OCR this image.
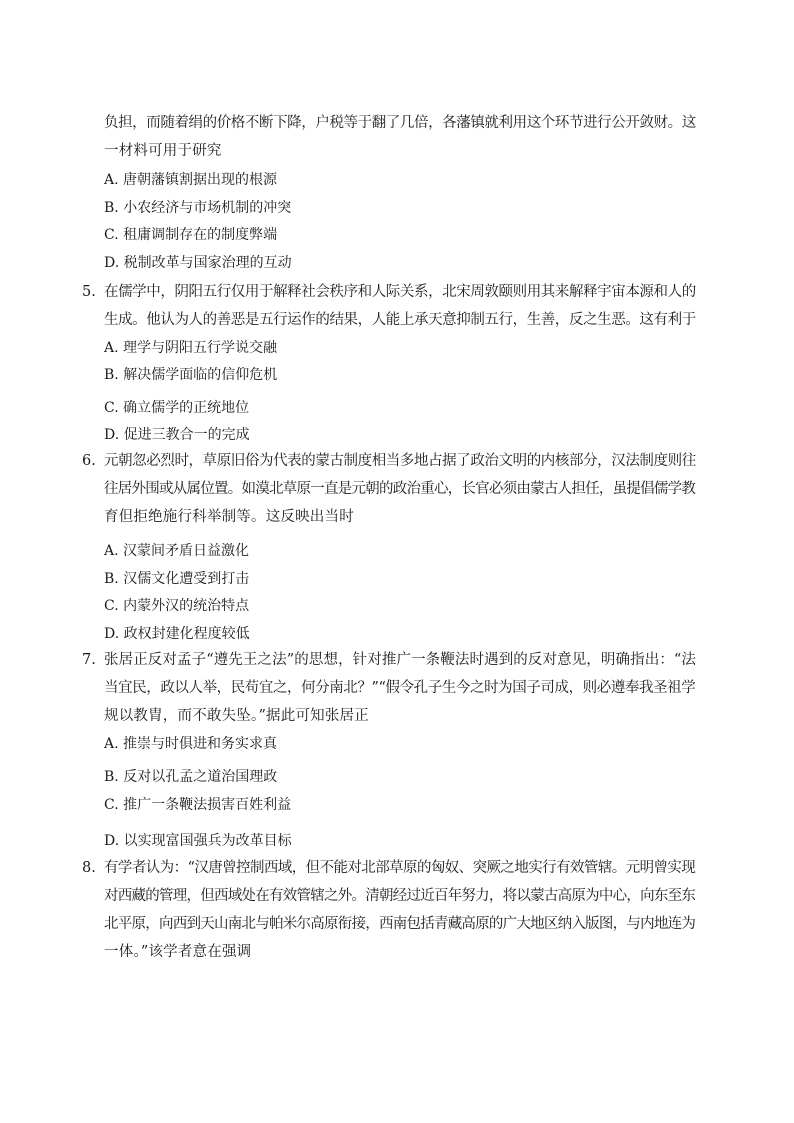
负担，而随着绢的价格不断下降，户税等于翻了几倍，各藩镇就利用这个环节进行公开敛财。这
一材料可用于研究
A. 唐朝藩镇割据出现的根源
B. 小农经济与市场机制的冲突
C. 租庸调制存在的制度弊端
D. 税制改革与国家治理的互动
5. 在儒学中，阴阳五行仅用于解释社会秩序和人际关系，北宋周敦颐则用其来解释宇宙本源和人的
生成。他认为人的善恶是五行运作的结果，人能上承天意抑制五行，生善，反之生恶。这有利于
A. 理学与阴阳五行学说交融
B. 解决儒学面临的信仰危机
C. 确立儒学的正统地位
D. 促进三教合一的完成
6. 元朝忽必烈时，草原旧俗为代表的蒙古制度相当多地占据了政治文明的内核部分，汉法制度则往
往居外围或从属位置。如漠北草原一直是元朝的政治重心，长官必须由蒙古人担任，虽提倡儒学教
育但拒绝施行科举制等。这反映出当时
A. 汉蒙间矛盾日益激化
B. 汉儒文化遭受到打击
C. 内蒙外汉的统治特点
D. 政权封建化程度较低
7. 张居正反对孟子“遵先王之法”的思想，针对推广一条鞭法时遇到的反对意见，明确指出：“法
当宜民，政以人举，民苟宜之，何分南北？”“假令孔子生今之时为国子司成，则必遵奉我圣祖学
规以教胄，而不敢失坠。”据此可知张居正
A. 推崇与时俱进和务实求真
B. 反对以孔孟之道治国理政
C. 推广一条鞭法损害百姓利益
D. 以实现富国强兵为改革目标
8. 有学者认为：“汉唐曾控制西域，但不能对北部草原的匈奴、突厥之地实行有效管辖。元明曾实现
对西藏的管理，但西域处在有效管辖之外。清朝经过近百年努力，将以蒙古高原为中心，向东至东
北平原，向西到天山南北与帕米尔高原衔接，西南包括青藏高原的广大地区纳入版图，与内地连为
一体。”该学者意在强调
